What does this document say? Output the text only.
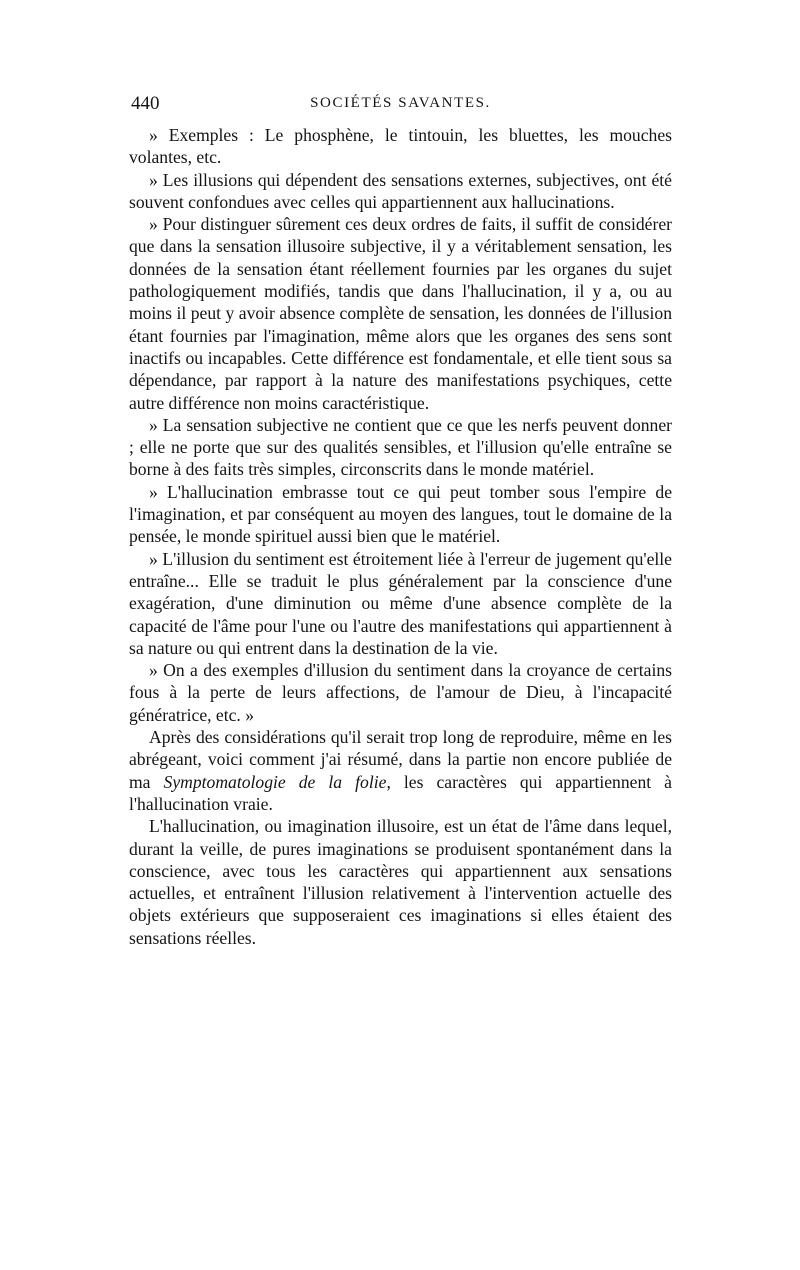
440	SOCIÉTÉS SAVANTES.

» Exemples : Le phosphène, le tintouin, les bluettes, les mouches volantes, etc.

» Les illusions qui dépendent des sensations externes, subjectives, ont été souvent confondues avec celles qui appartiennent aux hallucinations.

» Pour distinguer sûrement ces deux ordres de faits, il suffit de considérer que dans la sensation illusoire subjective, il y a véritablement sensation, les données de la sensation étant réellement fournies par les organes du sujet pathologiquement modifiés, tandis que dans l'hallucination, il y a, ou au moins il peut y avoir absence complète de sensation, les données de l'illusion étant fournies par l'imagination, même alors que les organes des sens sont inactifs ou incapables. Cette différence est fondamentale, et elle tient sous sa dépendance, par rapport à la nature des manifestations psychiques, cette autre différence non moins caractéristique.

» La sensation subjective ne contient que ce que les nerfs peuvent donner ; elle ne porte que sur des qualités sensibles, et l'illusion qu'elle entraîne se borne à des faits très simples, circonscrits dans le monde matériel.

» L'hallucination embrasse tout ce qui peut tomber sous l'empire de l'imagination, et par conséquent au moyen des langues, tout le domaine de la pensée, le monde spirituel aussi bien que le matériel.

» L'illusion du sentiment est étroitement liée à l'erreur de jugement qu'elle entraîne... Elle se traduit le plus généralement par la conscience d'une exagération, d'une diminution ou même d'une absence complète de la capacité de l'âme pour l'une ou l'autre des manifestations qui appartiennent à sa nature ou qui entrent dans la destination de la vie.

» On a des exemples d'illusion du sentiment dans la croyance de certains fous à la perte de leurs affections, de l'amour de Dieu, à l'incapacité génératrice, etc. »

Après des considérations qu'il serait trop long de reproduire, même en les abrégeant, voici comment j'ai résumé, dans la partie non encore publiée de ma Symptomatologie de la folie, les caractères qui appartiennent à l'hallucination vraie.

L'hallucination, ou imagination illusoire, est un état de l'âme dans lequel, durant la veille, de pures imaginations se produisent spontanément dans la conscience, avec tous les caractères qui appartiennent aux sensations actuelles, et entraînent l'illusion relativement à l'intervention actuelle des objets extérieurs que supposeraient ces imaginations si elles étaient des sensations réelles.
